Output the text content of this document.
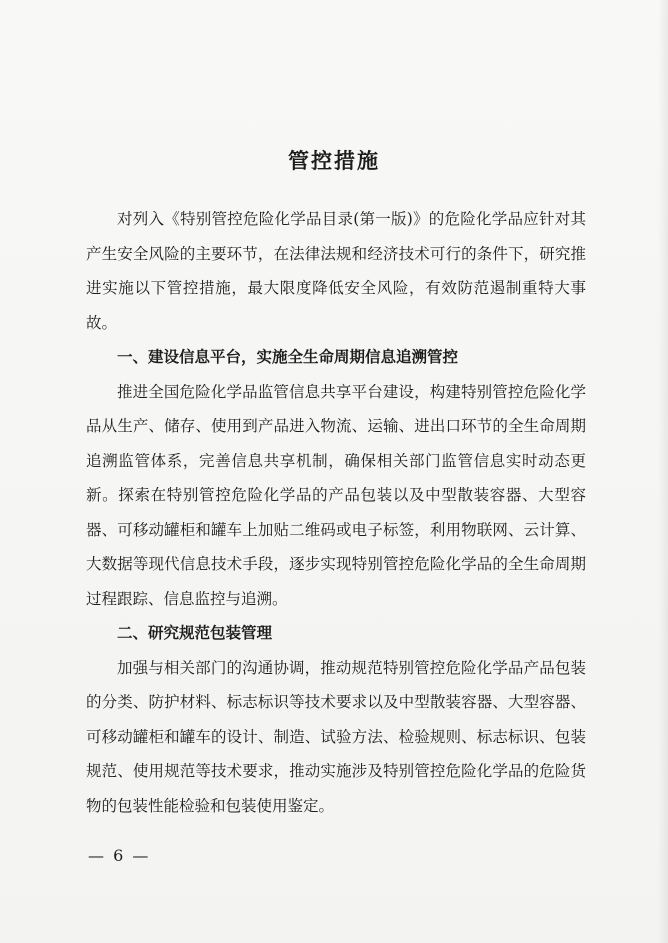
管控措施

对列入《特别管控危险化学品目录(第一版)》的危险化学品应针对其产生安全风险的主要环节，在法律法规和经济技术可行的条件下，研究推进实施以下管控措施，最大限度降低安全风险，有效防范遏制重特大事故。

一、建设信息平台，实施全生命周期信息追溯管控

推进全国危险化学品监管信息共享平台建设，构建特别管控危险化学品从生产、储存、使用到产品进入物流、运输、进出口环节的全生命周期追溯监管体系，完善信息共享机制，确保相关部门监管信息实时动态更新。探索在特别管控危险化学品的产品包装以及中型散装容器、大型容器、可移动罐柜和罐车上加贴二维码或电子标签，利用物联网、云计算、大数据等现代信息技术手段，逐步实现特别管控危险化学品的全生命周期过程跟踪、信息监控与追溯。

二、研究规范包装管理

加强与相关部门的沟通协调，推动规范特别管控危险化学品产品包装的分类、防护材料、标志标识等技术要求以及中型散装容器、大型容器、可移动罐柜和罐车的设计、制造、试验方法、检验规则、标志标识、包装规范、使用规范等技术要求，推动实施涉及特别管控危险化学品的危险货物的包装性能检验和包装使用鉴定。

— 6 —
